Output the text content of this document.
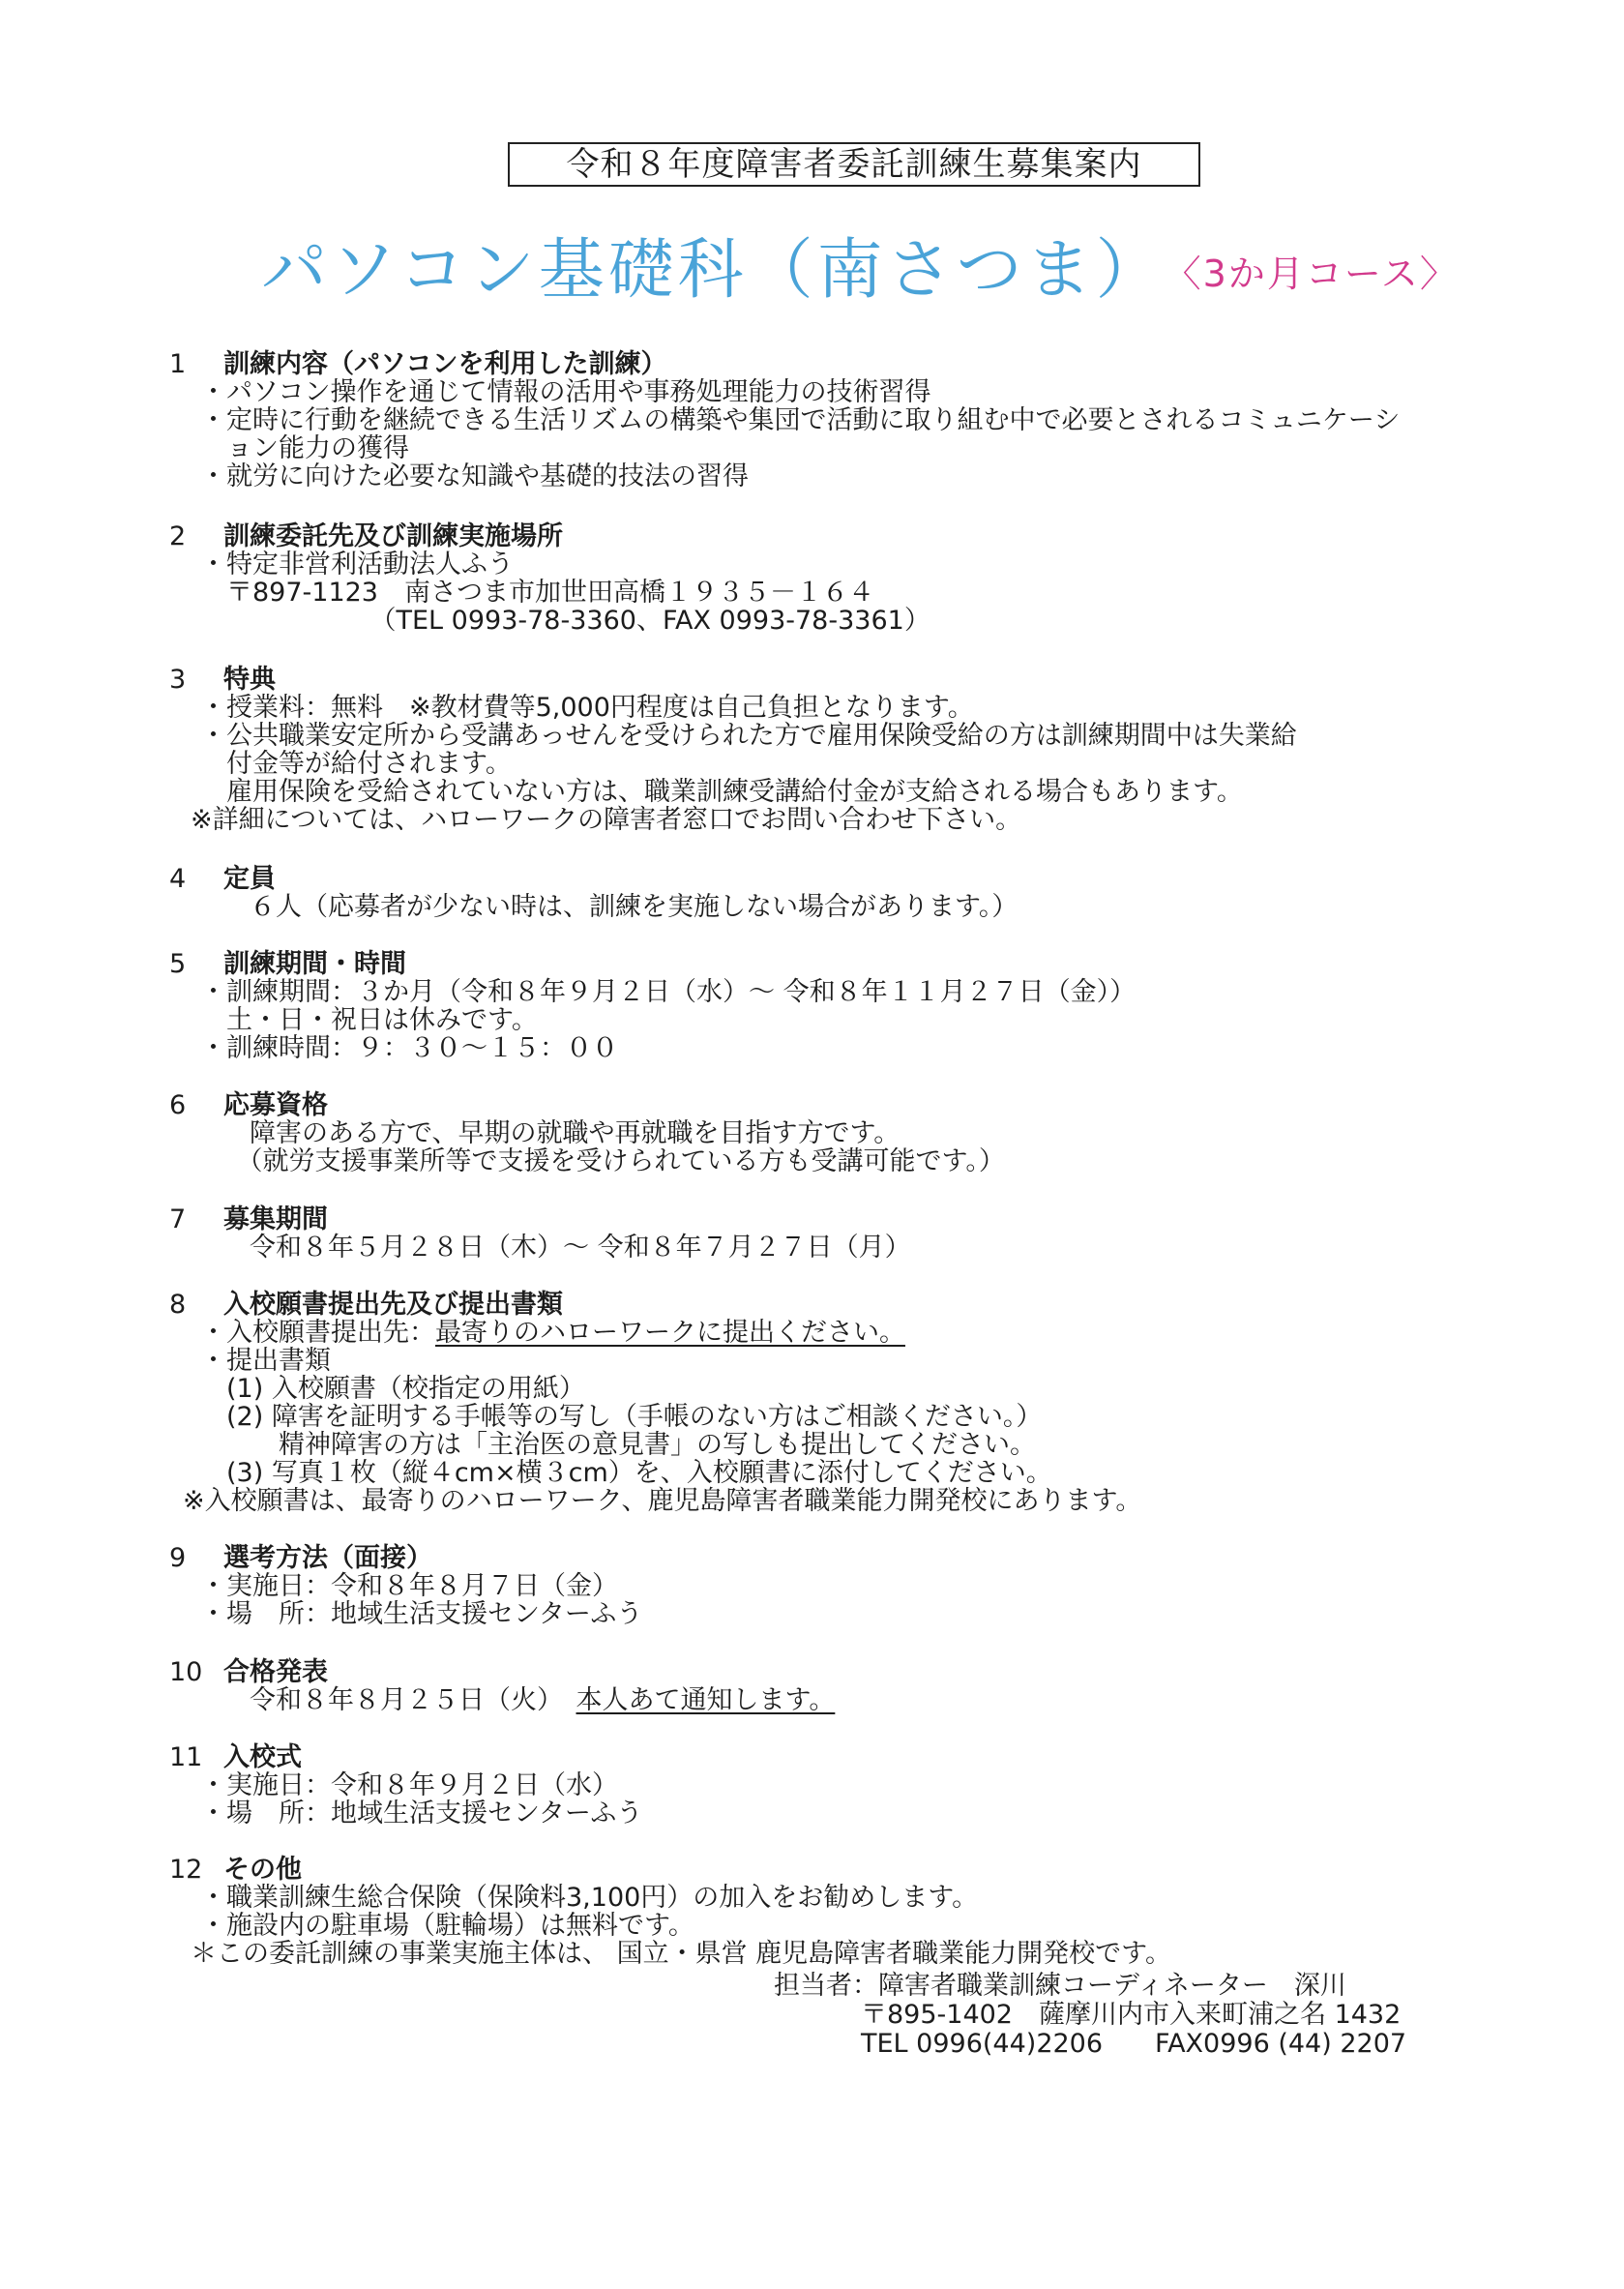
令和８年度障害者委託訓練生募集案内
パソコン基礎科（南さつま） 〈3か月コース〉

1 訓練内容（パソコンを利用した訓練）

・パソコン操作を通じて情報の活用や事務処理能力の技術習得

・定時に行動を継続できる生活リズムの構築や集団で活動に取り組む中で必要とされるコミュニケーシ

　ョン能力の獲得

・就労に向けた必要な知識や基礎的技法の習得

2 訓練委託先及び訓練実施場所

・特定非営利活動法人ふう

　〒897-1123　南さつま市加世田高橋１９３５－１６４

　　　　　　　（TEL 0993-78-3360、FAX 0993-78-3361）

3 特典

・授業料：無料　※教材費等5,000円程度は自己負担となります。

・公共職業安定所から受講あっせんを受けられた方で雇用保険受給の方は訓練期間中は失業給

　付金等が給付されます。

　雇用保険を受給されていない方は、職業訓練受講給付金が支給される場合もあります。

※詳細については、ハローワークの障害者窓口でお問い合わせ下さい。

4 定員

　６人（応募者が少ない時は、訓練を実施しない場合があります。）

5 訓練期間・時間

・訓練期間：３か月（令和８年９月２日（水）～ 令和８年１１月２７日（金））

　土・日・祝日は休みです。

・訓練時間：９：３０～１５：００

6 応募資格

　障害のある方で、早期の就職や再就職を目指す方です。

　（就労支援事業所等で支援を受けられている方も受講可能です。）

7 募集期間

　令和８年５月２８日（木）～ 令和８年７月２７日（月）

8 入校願書提出先及び提出書類

・入校願書提出先：最寄りのハローワークに提出ください。

・提出書類

　(1) 入校願書（校指定の用紙）

　(2) 障害を証明する手帳等の写し（手帳のない方はご相談ください。）

　　　精神障害の方は「主治医の意見書」の写しも提出してください。

　(3) 写真１枚（縦４cm×横３cm）を、入校願書に添付してください。

※入校願書は、最寄りのハローワーク、鹿児島障害者職業能力開発校にあります。

9 選考方法（面接）

・実施日：令和８年８月７日（金）

・場　所：地域生活支援センターふう

10 合格発表

　令和８年８月２５日（火）　本人あて通知します。

11 入校式

・実施日：令和８年９月２日（水）

・場　所：地域生活支援センターふう

12 その他

・職業訓練生総合保険（保険料3,100円）の加入をお勧めします。

・施設内の駐車場（駐輪場）は無料です。

＊この委託訓練の事業実施主体は、 国立・県営 鹿児島障害者職業能力開発校です。

担当者：障害者職業訓練コーディネーター　深川

〒895-1402　薩摩川内市入来町浦之名 1432

TEL 0996(44)2206　　FAX0996 (44) 2207
